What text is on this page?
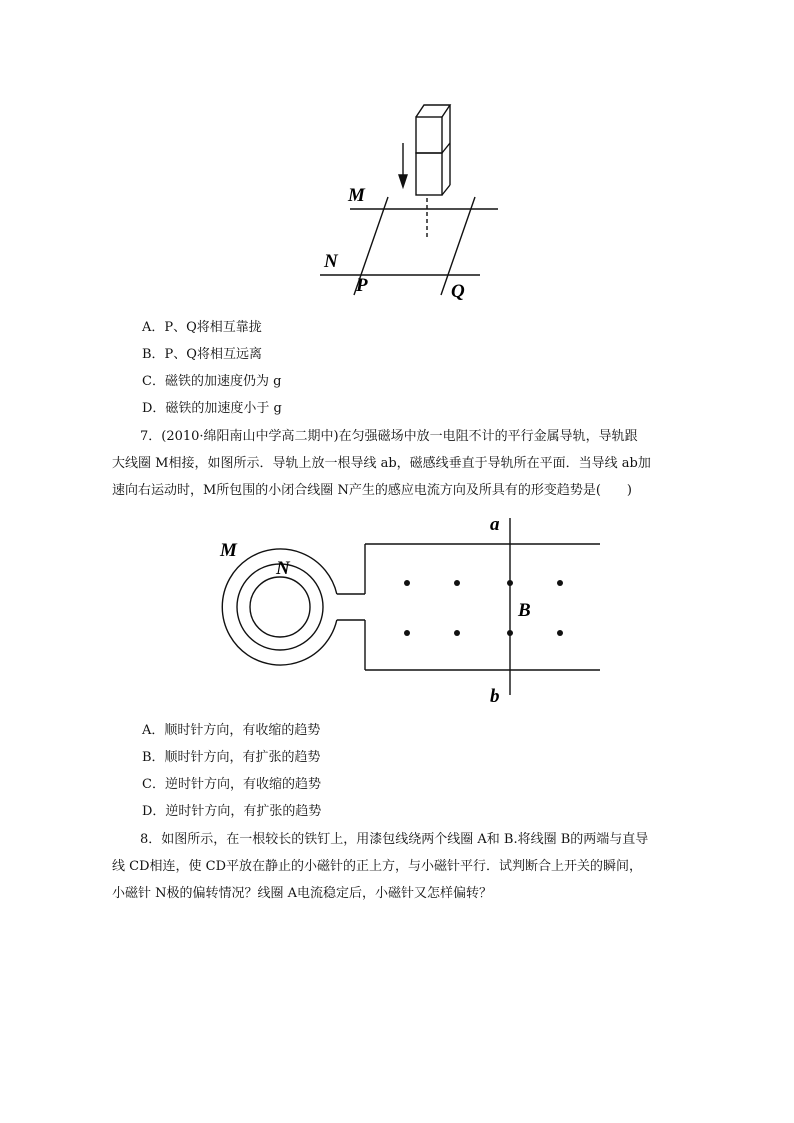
M
N
P	Q
A．P、Q将相互靠拢
B．P、Q将相互远离
C．磁铁的加速度仍为 g
D．磁铁的加速度小于 g
7．(2010·绵阳南山中学高二期中)在匀强磁场中放一电阻不计的平行金属导轨，导轨跟
大线圈 M相接，如图所示．导轨上放一根导线 ab，磁感线垂直于导轨所在平面．当导线 ab加
速向右运动时，M所包围的小闭合线圈 N产生的感应电流方向及所具有的形变趋势是(　　)
M
N
a
b
B
A．顺时针方向，有收缩的趋势
B．顺时针方向，有扩张的趋势
C．逆时针方向，有收缩的趋势
D．逆时针方向，有扩张的趋势
8．如图所示，在一根较长的铁钉上，用漆包线绕两个线圈 A和 B.将线圈 B的两端与直导
线 CD相连，使 CD平放在静止的小磁针的正上方，与小磁针平行．试判断合上开关的瞬间，
小磁针 N极的偏转情况？线圈 A电流稳定后，小磁针又怎样偏转？
